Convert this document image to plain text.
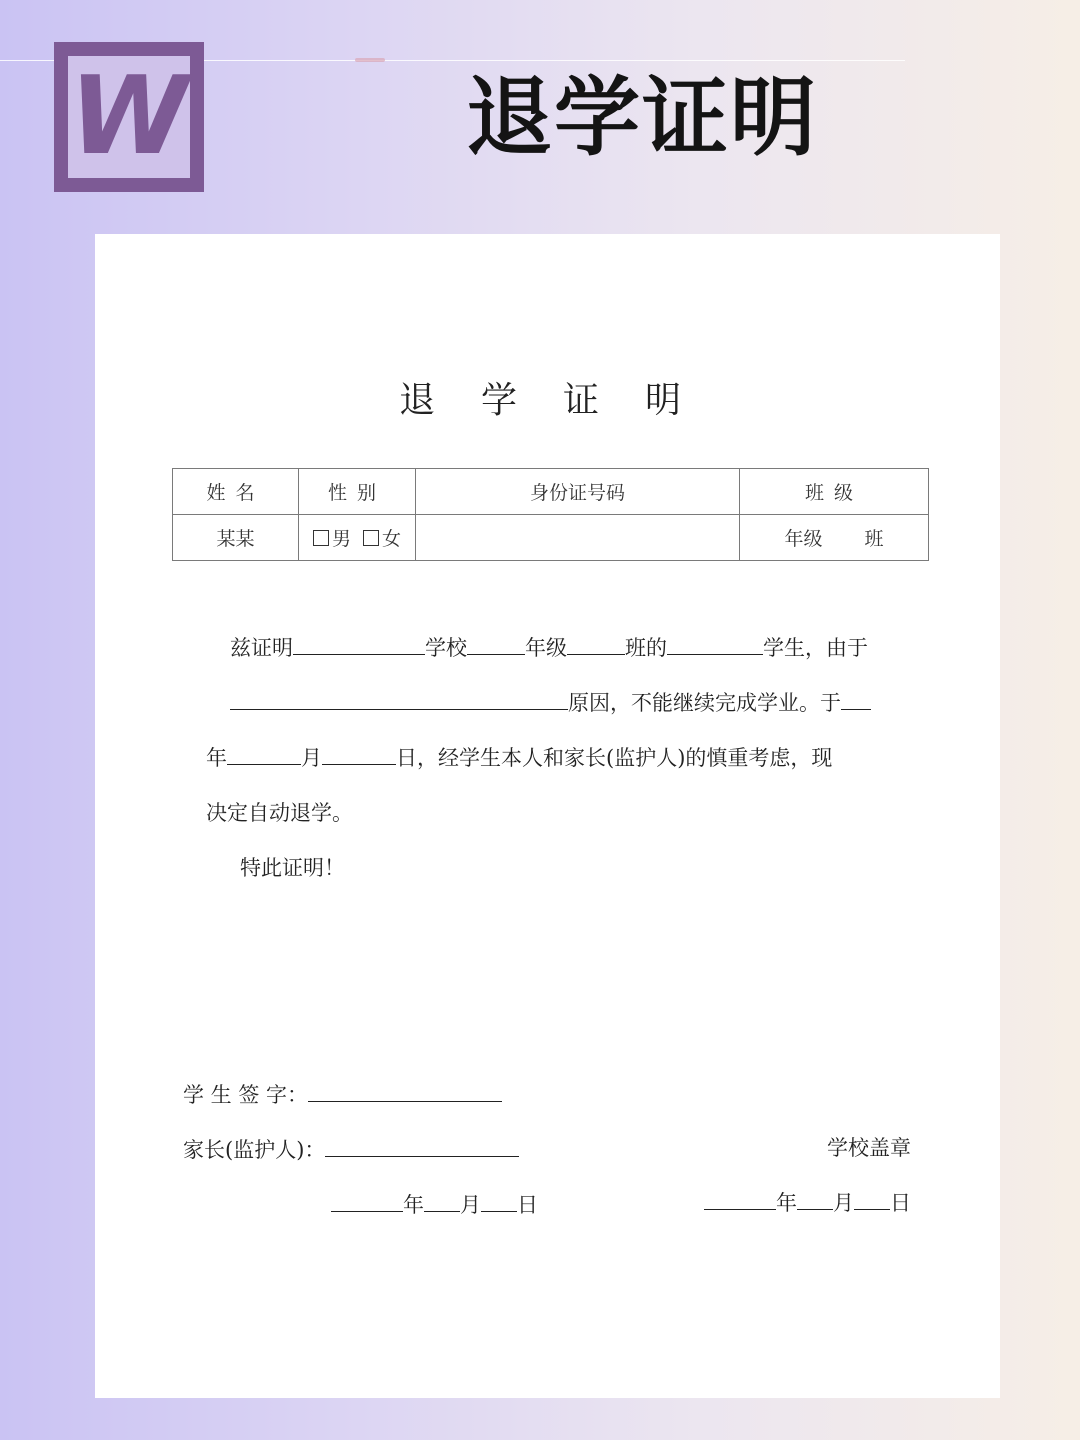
W	退学证明
退学证明
姓名	性别	身份证号码	班级
某某	男 女		年级 班
兹证明	学校	年级	班的	学生，由于
原因，不能继续完成学业。于
年	月	日，经学生本人和家长(监护人)的慎重考虑，现
决定自动退学。
特此证明！
学 生 签 字：
家长(监护人)：	学校盖章
年 月 日	年 月 日
